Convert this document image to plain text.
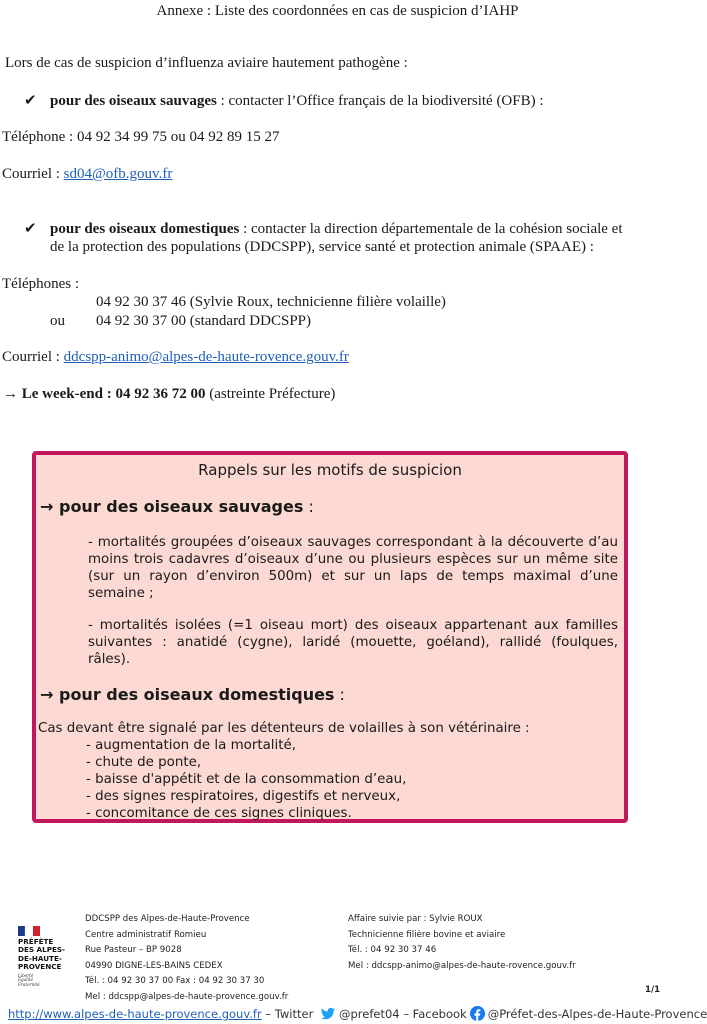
Annexe : Liste des coordonnées en cas de suspicion d’IAHP
Lors de cas de suspicion d’influenza aviaire hautement pathogène :
✔ pour des oiseaux sauvages : contacter l’Office français de la biodiversité (OFB) :
Téléphone : 04 92 34 99 75 ou 04 92 89 15 27
Courriel : sd04@ofb.gouv.fr
✔ pour des oiseaux domestiques : contacter la direction départementale de la cohésion sociale et
de la protection des populations (DDCSPP), service santé et protection animale (SPAAE) :
Téléphones :
04 92 30 37 46 (Sylvie Roux, technicienne filière volaille)
ou 04 92 30 37 00 (standard DDCSPP)
Courriel : ddcspp-animo@alpes-de-haute-rovence.gouv.fr
→ Le week-end : 04 92 36 72 00 (astreinte Préfecture)
Rappels sur les motifs de suspicion
→ pour des oiseaux sauvages :
- mortalités groupées d’oiseaux sauvages correspondant à la découverte d’au
moins trois cadavres d’oiseaux d’une ou plusieurs espèces sur un même site
(sur un rayon d’environ 500m) et sur un laps de temps maximal d’une
semaine ;
- mortalités isolées (=1 oiseau mort) des oiseaux appartenant aux familles
suivantes : anatidé (cygne), laridé (mouette, goéland), rallidé (foulques,
râles).
→ pour des oiseaux domestiques :
Cas devant être signalé par les détenteurs de volailles à son vétérinaire :
- augmentation de la mortalité,
- chute de ponte,
- baisse d'appétit et de la consommation d’eau,
- des signes respiratoires, digestifs et nerveux,
- concomitance de ces signes cliniques.
PRÉFÈTE
DES ALPES-
DE-HAUTE-
PROVENCE
Liberté
Égalité
Fraternité
DDCSPP des Alpes-de-Haute-Provence
Centre administratif Romieu
Rue Pasteur – BP 9028
04990 DIGNE-LES-BAINS CEDEX
Tél. : 04 92 30 37 00 Fax : 04 92 30 37 30
Mel : ddcspp@alpes-de-haute-provence.gouv.fr
Affaire suivie par : Sylvie ROUX
Technicienne filière bovine et aviaire
Tél. : 04 92 30 37 46
Mel : ddcspp-animo@alpes-de-haute-rovence.gouv.fr
1/1
http://www.alpes-de-haute-provence.gouv.fr – Twitter @prefet04 – Facebook @Préfet-des-Alpes-de-Haute-Provence
